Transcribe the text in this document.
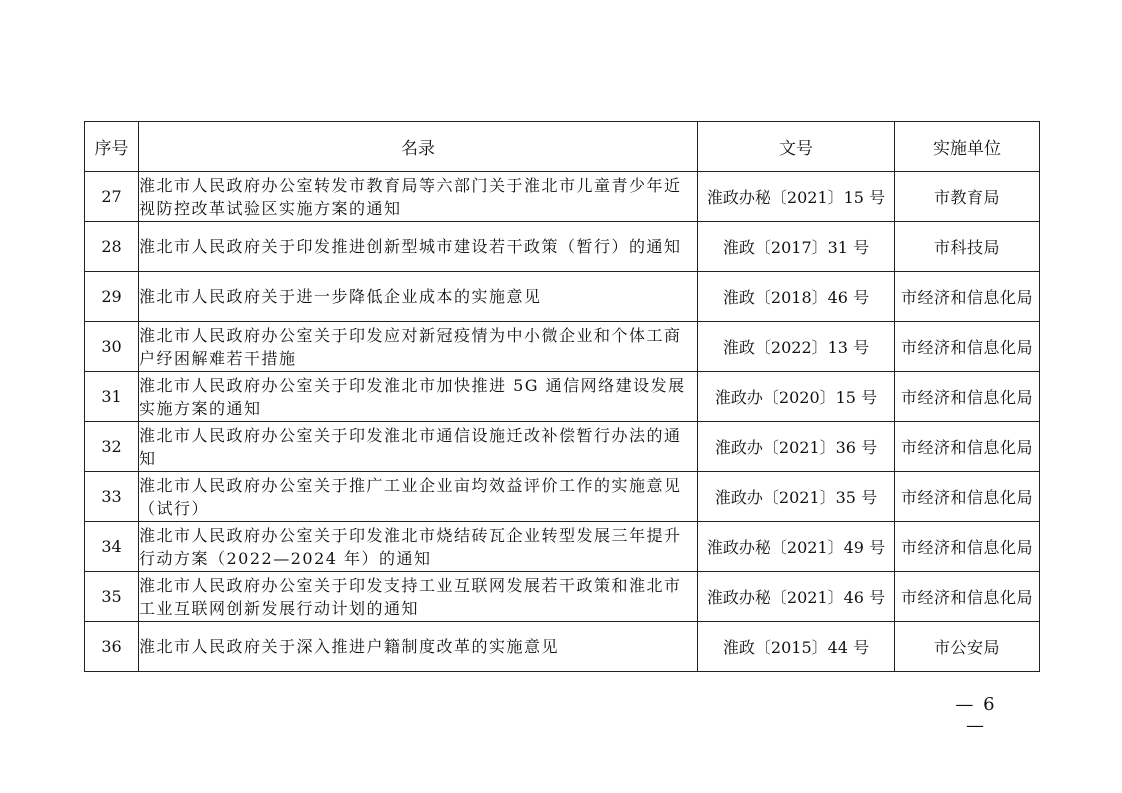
序号	名录	文号	实施单位
27	淮北市人民政府办公室转发市教育局等六部门关于淮北市儿童青少年近视防控改革试验区实施方案的通知	淮政办秘〔2021〕15 号	市教育局
28	淮北市人民政府关于印发推进创新型城市建设若干政策（暂行）的通知	淮政〔2017〕31 号	市科技局
29	淮北市人民政府关于进一步降低企业成本的实施意见	淮政〔2018〕46 号	市经济和信息化局
30	淮北市人民政府办公室关于印发应对新冠疫情为中小微企业和个体工商户纾困解难若干措施	淮政〔2022〕13 号	市经济和信息化局
31	淮北市人民政府办公室关于印发淮北市加快推进 5G 通信网络建设发展实施方案的通知	淮政办〔2020〕15 号	市经济和信息化局
32	淮北市人民政府办公室关于印发淮北市通信设施迁改补偿暂行办法的通知	淮政办〔2021〕36 号	市经济和信息化局
33	淮北市人民政府办公室关于推广工业企业亩均效益评价工作的实施意见（试行）	淮政办〔2021〕35 号	市经济和信息化局
34	淮北市人民政府办公室关于印发淮北市烧结砖瓦企业转型发展三年提升行动方案（2022—2024 年）的通知	淮政办秘〔2021〕49 号	市经济和信息化局
35	淮北市人民政府办公室关于印发支持工业互联网发展若干政策和淮北市工业互联网创新发展行动计划的通知	淮政办秘〔2021〕46 号	市经济和信息化局
36	淮北市人民政府关于深入推进户籍制度改革的实施意见	淮政〔2015〕44 号	市公安局
— 6 —
